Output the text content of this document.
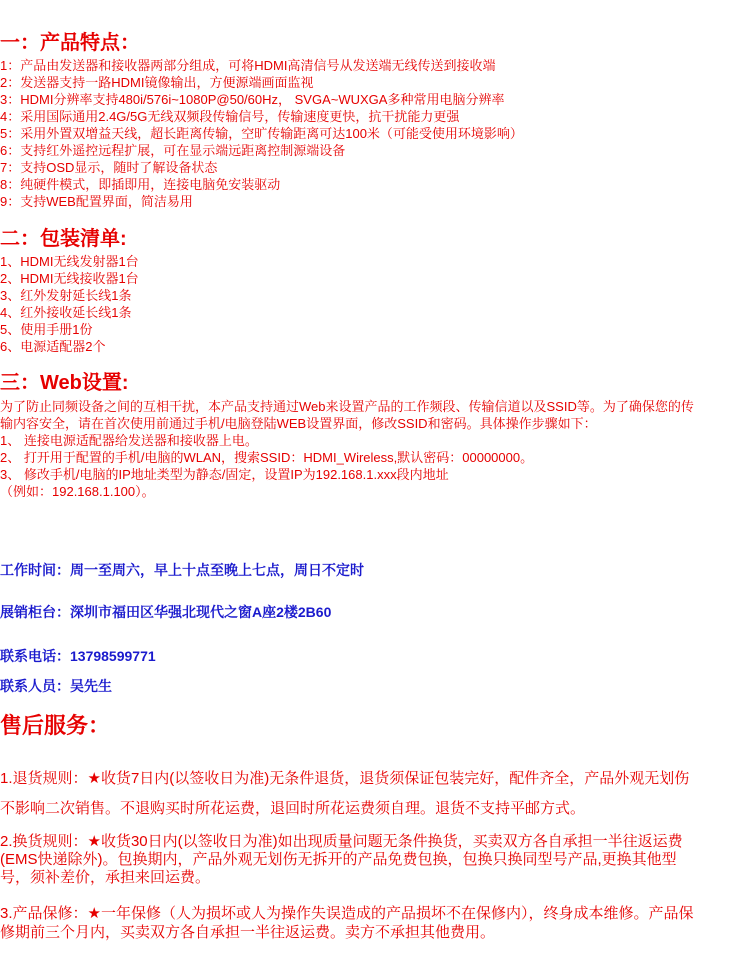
一：产品特点：
1：产品由发送器和接收器两部分组成，可将HDMI高清信号从发送端无线传送到接收端
2：发送器支持一路HDMI镜像输出，方便源端画面监视
3：HDMI分辨率支持480i/576i~1080P@50/60Hz， SVGA~WUXGA多种常用电脑分辨率
4：采用国际通用2.4G/5G无线双频段传输信号，传输速度更快，抗干扰能力更强
5：采用外置双增益天线，超长距离传输，空旷传输距离可达100米（可能受使用环境影响）
6：支持红外遥控远程扩展，可在显示端远距离控制源端设备
7：支持OSD显示，随时了解设备状态
8：纯硬件模式，即插即用，连接电脑免安装驱动
9：支持WEB配置界面，简洁易用
二：包装清单:
1、HDMI无线发射器1台
2、HDMI无线接收器1台
3、红外发射延长线1条
4、红外接收延长线1条
5、使用手册1份
6、电源适配器2个
三：Web设置:
为了防止同频设备之间的互相干扰，本产品支持通过Web来设置产品的工作频段、传输信道以及SSID等。为了确保您的传
输内容安全，请在首次使用前通过手机/电脑登陆WEB设置界面，修改SSID和密码。具体操作步骤如下：
1、 连接电源适配器给发送器和接收器上电。
2、 打开用于配置的手机/电脑的WLAN，搜索SSID：HDMI_Wireless,默认密码：00000000。
3、 修改手机/电脑的IP地址类型为静态/固定，设置IP为192.168.1.xxx段内地址
（例如：192.168.1.100）。
工作时间：周一至周六，早上十点至晚上七点，周日不定时
展销柜台：深圳市福田区华强北现代之窗A座2楼2B60
联系电话：13798599771
联系人员：吴先生
售后服务：
1.退货规则：★收货7日内(以签收日为准)无条件退货，退货须保证包装完好，配件齐全，产品外观无划伤
不影响二次销售。不退购买时所花运费，退回时所花运费须自理。退货不支持平邮方式。
2.换货规则：★收货30日内(以签收日为准)如出现质量问题无条件换货，买卖双方各自承担一半往返运费
(EMS快递除外)。包换期内，产品外观无划伤无拆开的产品免费包换，包换只换同型号产品,更换其他型
号，须补差价，承担来回运费。
3.产品保修：★一年保修（人为损坏或人为操作失误造成的产品损坏不在保修内），终身成本维修。产品保
修期前三个月内，买卖双方各自承担一半往返运费。卖方不承担其他费用。
